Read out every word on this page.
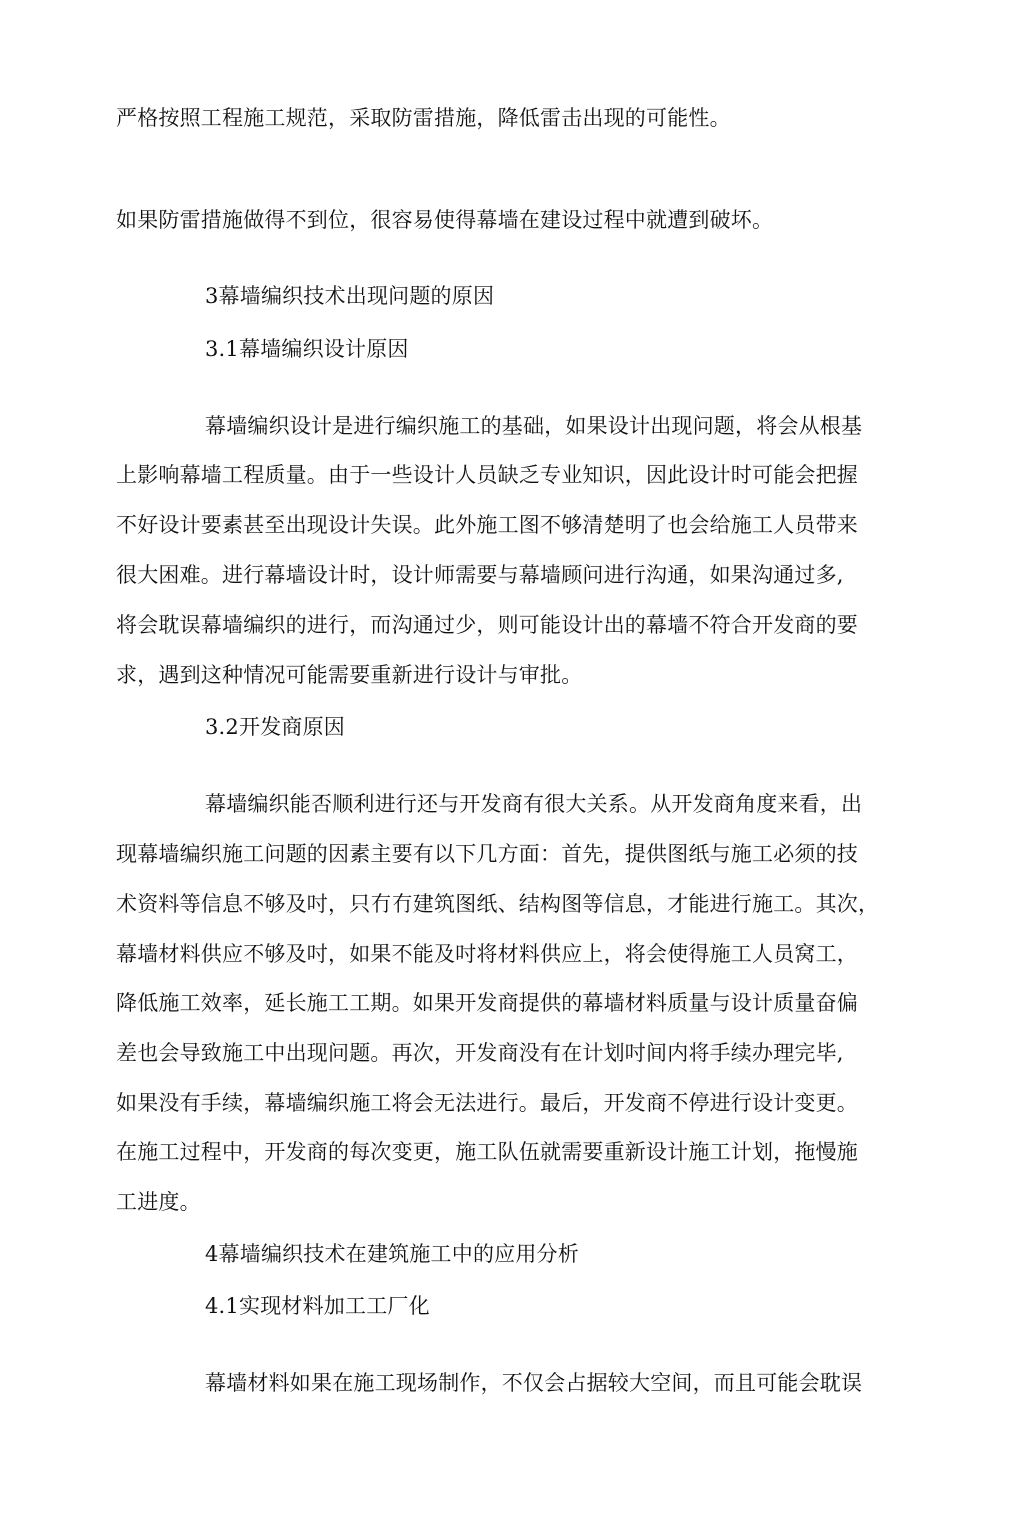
严格按照工程施工规范，采取防雷措施，降低雷击出现的可能性。
如果防雷措施做得不到位，很容易使得幕墙在建设过程中就遭到破坏。
3幕墙编织技术出现问题的原因
3.1幕墙编织设计原因
幕墙编织设计是进行编织施工的基础，如果设计出现问题，将会从根基
上影响幕墙工程质量。由于一些设计人员缺乏专业知识，因此设计时可能会把握
不好设计要素甚至出现设计失误。此外施工图不够清楚明了也会给施工人员带来
很大困难。进行幕墙设计时，设计师需要与幕墙顾问进行沟通，如果沟通过多,
将会耽误幕墙编织的进行，而沟通过少，则可能设计出的幕墙不符合开发商的要
求，遇到这种情况可能需要重新进行设计与审批。
3.2开发商原因
幕墙编织能否顺利进行还与开发商有很大关系。从开发商角度来看，出
现幕墙编织施工问题的因素主要有以下几方面：首先，提供图纸与施工必须的技
术资料等信息不够及吋，只冇冇建筑图纸、结构图等信息，才能进行施工。其次，
幕墙材料供应不够及吋，如果不能及吋将材料供应上，将会使得施工人员窝工，
降低施工效率，延长施工工期。如果开发商提供的幕墙材料质量与设计质量奋偏
差也会导致施工中出现问题。再次，开发商没有在计划吋间内将手续办理完毕,
如果没有手续，幕墙编织施工将会无法进行。最后，开发商不停进行设计变更。
在施工过程中，开发商的每次变更，施工队伍就需要重新设计施工计划，拖慢施
工进度。
4幕墙编织技术在建筑施工中的应用分析
4.1实现材料加工工厂化
幕墙材料如果在施工现场制作，不仅会占据较大空间，而且可能会耽误
